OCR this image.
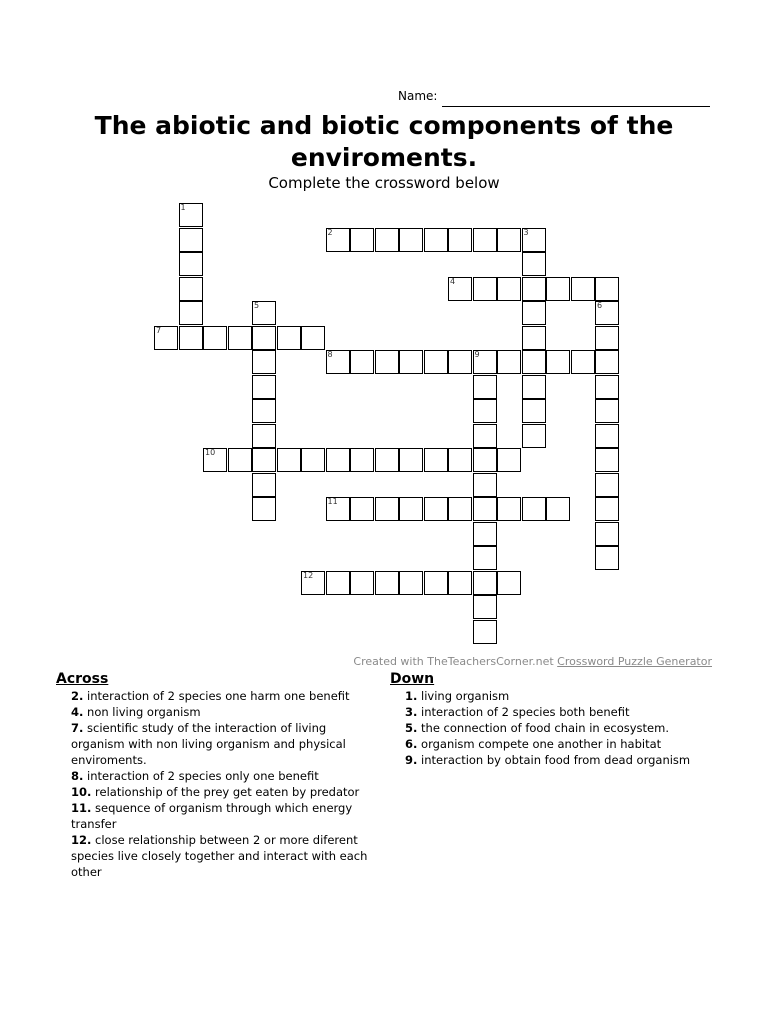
Name:
The abiotic and biotic components of the enviroments.
Complete the crossword below
1
2	3
4
5	6
7
8	9
10
11
12
Created with TheTeachersCorner.net Crossword Puzzle Generator
Across
2. interaction of 2 species one harm one benefit
4. non living organism
7. scientific study of the interaction of living organism with non living organism and physical enviroments.
8. interaction of 2 species only one benefit
10. relationship of the prey get eaten by predator
11. sequence of organism through which energy transfer
12. close relationship between 2 or more diferent species live closely together and interact with each other
Down
1. living organism
3. interaction of 2 species both benefit
5. the connection of food chain in ecosystem.
6. organism compete one another in habitat
9. interaction by obtain food from dead organism
